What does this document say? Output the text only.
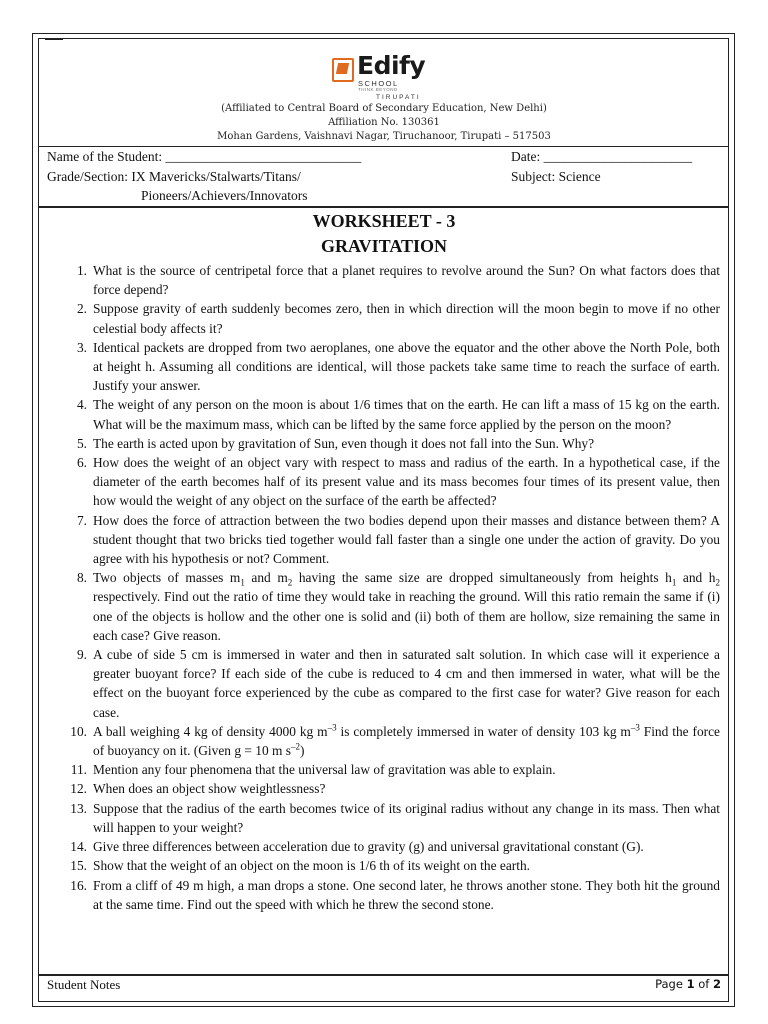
Edify
SCHOOL
THINK BEYOND
TIRUPATI
(Affiliated to Central Board of Secondary Education, New Delhi)
Affiliation No. 130361
Mohan Gardens, Vaishnavi Nagar, Tiruchanoor, Tirupati – 517503
Name of the Student: _____________________________	Date: ______________________
Grade/Section: IX Mavericks/Stalwarts/Titans/
Pioneers/Achievers/Innovators
Subject: Science
WORKSHEET - 3
GRAVITATION
1. What is the source of centripetal force that a planet requires to revolve around the Sun? On what factors does that force depend?
2. Suppose gravity of earth suddenly becomes zero, then in which direction will the moon begin to move if no other celestial body affects it?
3. Identical packets are dropped from two aeroplanes, one above the equator and the other above the North Pole, both at height h. Assuming all conditions are identical, will those packets take same time to reach the surface of earth. Justify your answer.
4. The weight of any person on the moon is about 1/6 times that on the earth. He can lift a mass of 15 kg on the earth. What will be the maximum mass, which can be lifted by the same force applied by the person on the moon?
5. The earth is acted upon by gravitation of Sun, even though it does not fall into the Sun. Why?
6. How does the weight of an object vary with respect to mass and radius of the earth. In a hypothetical case, if the diameter of the earth becomes half of its present value and its mass becomes four times of its present value, then how would the weight of any object on the surface of the earth be affected?
7. How does the force of attraction between the two bodies depend upon their masses and distance between them? A student thought that two bricks tied together would fall faster than a single one under the action of gravity. Do you agree with his hypothesis or not? Comment.
8. Two objects of masses $m_1$ and $m_2$ having the same size are dropped simultaneously from heights $h_1$ and $h_2$ respectively. Find out the ratio of time they would take in reaching the ground. Will this ratio remain the same if (i) one of the objects is hollow and the other one is solid and (ii) both of them are hollow, size remaining the same in each case? Give reason.
9. A cube of side 5 cm is immersed in water and then in saturated salt solution. In which case will it experience a greater buoyant force? If each side of the cube is reduced to 4 cm and then immersed in water, what will be the effect on the buoyant force experienced by the cube as compared to the first case for water? Give reason for each case.
10. A ball weighing 4 kg of density 4000 kg $m^{-3}$ is completely immersed in water of density 103 kg $m^{-3}$ Find the force of buoyancy on it. (Given g = 10 m $s^{-2}$)
11. Mention any four phenomena that the universal law of gravitation was able to explain.
12. When does an object show weightlessness?
13. Suppose that the radius of the earth becomes twice of its original radius without any change in its mass. Then what will happen to your weight?
14. Give three differences between acceleration due to gravity (g) and universal gravitational constant (G).
15. Show that the weight of an object on the moon is 1/6 th of its weight on the earth.
16. From a cliff of 49 m high, a man drops a stone. One second later, he throws another stone. They both hit the ground at the same time. Find out the speed with which he threw the second stone.
Student Notes	Page 1 of 2
